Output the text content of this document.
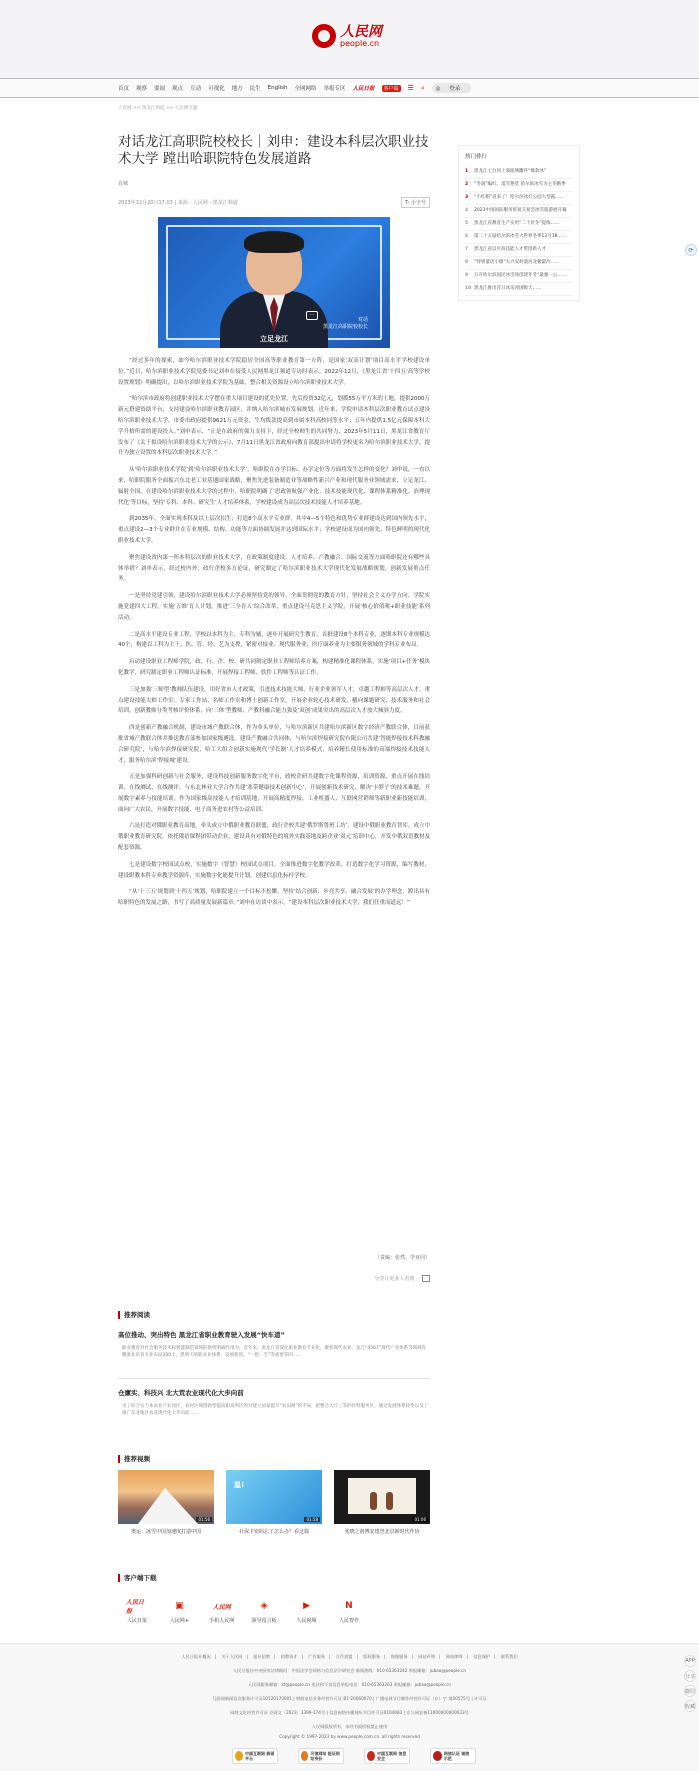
人民网
people.cn
首页 观察 要闻 观点 互动 可视化 地方 民生 English 全网网络 举报专区 人民日报	客户端 ☰ ⌕	◎ 登录
人民网 >> 黑龙江频道 >> 人民网专题
对话龙江高职院校校长｜刘申：建设本科层次职业技术大学 蹚出哈职院特色发展道路
肖城
2023年12月20日17:03 | 来源：人民网－黑龙江频道	T- 小字号
···
对话
黑龙江高职院校校长
立足龙江

“经过多年的探索，如今哈尔滨职业技术学院稳居全国高等职业教育第一方阵，是国家‘双高计划’项目高水平学校建设单位。”近日，哈尔滨职业技术学院党委书记刘申在接受人民网黑龙江频道专访时表示。2022年12月，《黑龙江省‘十四五’高等学校设置规划》明确提出，以哈尔滨职业技术学院为基础，整合相关资源设立哈尔滨职业技术大学。

“哈尔滨市政府将创建职业技术大学摆在重大项目建设的优先位置，先后投资32亿元，划拨55万平方米的土地，提供2000万新元搭建资助平台，支持建设哈尔滨职业教育园区，并纳入哈尔滨城市发展规划。近年来，学院申请本科层次职业教育试点建设哈尔滨职业技术大学，市委市政府提供9621万元资金，生均拨款提高到市属本科高校同等水平；五年内提供1.5亿元保障本科大学升格所需的建设投入。”刘申表示，“正是在政府的强力支持下，经过全校师生的共同努力，2023年5月11日，黑龙江省教育厅发布了《关于拟设哈尔滨职业技术大学的公示》，7月11日黑龙江省政府向教育部提出申请将学校更名为哈尔滨职业技术大学，提升为独立设置的本科层次职业技术大学。”

从‘哈尔滨职业技术学院’到‘哈尔滨职业技术大学’，哈职院在办学目标、办学定位等方面将发生怎样的变化？刘申说，一直以来，哈职院服务全面振兴东北老工业基地国家战略，聚焦先进装备制造业等战略性新兴产业和现代服务业领域需求，立足龙江、辐射全国，在建设哈尔滨职业技术大学的过程中，哈职院明确了‘思政领航强产业化、技术技能现代化、课程体系精准化、治理现代化’等目标，坚持‘专科、本科、研究生’人才培养体系，学校建设成为高层次技术技能人才培养基地。

到2035年，全面实现本科及以上层次招生；打造8个高水平专业群，其中4—5个特色和优势专业群建设达到国内领先水平，重点建设2—3个专业群并在专业规模、结构、功能等方面协调发展并达到国际水平；学校建设成为国内领先、特色鲜明的现代化职业技术大学。

聚焦建设省内第一所本科层次的职业技术大学，在政策制度建设、人才培养、产教融合、国际交流等方面哈职院还有哪些具体举措？刘申表示，经过校内外、政行企校多方论证，研究制定了哈尔滨职业技术大学现代化发展战略规划，创新发展重点任务。

一是坚持党建引领，建设哈尔滨职业技术大学必须坚持党的领导，全面贯彻党的教育方针，坚持社会主义办学方向。学院实施党建四大工程，实施‘五维’育人计划，推进‘三全育人’综合改革，重点建设马克思主义学院，开展‘核心价值观+职业技能’系列活动。

二是高水平建设专业工程，学校以本科为主、专科为辅，逐步开展研究生教育，首批建设8个本科专业，逐期本科专业规模达40个，构建以工科为主干，医、管、经、艺为支撑，紧密对接业、现代服务业、医疗康养业为主要服务领域的学科专业布局。

启动建设职业工程师学院，政、行、企、校、研共同制定职业工程师培养方案，构建精准化课程体系，实施‘项目+任务’模块化教学，研究制定职业工程师认证标准，开展焊接工程师、软件工程师等认证工作。

三是加强‘三师型’教师队伍建设，用好省市人才政策，引进技术技能大师、行业企业领军人才，卓越工程师等高层次人才，重点建设技能大师工作室、专家工作站、名师工作室和博士创新工作室，开展企业轮心技术研发、横向课题研究、技术服务和社会培训，创新教师分类考核评价体系，向‘三体’型教师、产教科融合能力强及‘双创’成果突出的高层次人才放大倾斜力度。

四是创新产教融合机制，建设市域产教联合体，作为牵头单位，与哈尔滨新区共建哈尔滨新区数字经济产教联合体，目前获批省城产教联合体并推送教育部参加国家级遴选。建设产教融合共同体，与哈尔滨焊接研究院有限公司共建‘智能焊接技术科教融合研究院’，与哈尔滨焊接研究院、哈工大组合创新实施现代‘学长制’人才培养模式，培养精长使用标准的高端焊接技术技能人才，服务哈尔滨‘焊接城’建设。

五是加强科研创新与社会服务，建设科技创新服务数字化平台，政校企研共建数字化课程资源，培训资源，重点开展在线培训、在线测试、在线测评。与东北林业大学合作共建‘寒带健康技术创新中心’，开展创新技术研究，解决‘卡脖子’的技术难题，开展数字素养与技能培训，作为国家级高技能人才培训基地，开展高精度焊接、工业机器人、互联网营销师等新职业新技能培训，面向广大农民，开展数字技能、电子商务进农村等公益培训。

六是打造对俄职业教育高地。牵头成立中俄职业教育联盟，政行企校共建‘俄罗斯鲁班工坊’，建设中俄职业教育智库，成立中俄职业教育研究院，依托俄语课程团带动企业，建设具有对俄特色的境外实践基地及跨企业‘双元’培训中心，开发中俄双语教材及配套资源。

七是建设数字校园试点校，实施数字（智慧）校园试点项目，全面推进数字化教学改革，打造数字化学习资源，编写教材，建设职教本科专业教学资源库，实施数字化能提升计划，创建信息化标杆学校。

“从‘十三五’规划到‘十四五’规划，哈职院建立一个目标不松懈，坚持‘结合创新、步亮共享、融合发展’的办学理念，蹚出具有哈职特色的发展之路，书写了高质量发展新篇章。”刘申在访谈中表示，“建设本科层次职业技术大学，我们任重而道远！”

（责编：张然、李亚同）
分享让更多人看到
推荐阅读
高位推动、突出特色 黑龙江省职业教育驶入发展“快车道”
职业教育对社会服务技术和智能制造领域的供给明确作用为。近年来，黑龙江省深化职业教育专业化，聚焦现代农业、龙江“4567”现代产业体系等领域育精准业培育专业布局200个，黑明天的职业业体系，发展新的。“一把一手”等重要等四……
仓廪实、科技兴 北大荒农业现代化大步向前
为了综合实力本农业产业园区，农村区域创新型提高职高所区的对建立国家提升“农田网”的平局，把整合大厅三等的社科服务区，通过发展体系转变以及了推广东北地区农业现代化大步向前……
推荐视频
01:56
奥运：冰雪中国加速度打造中国
温!
01:58
社保卡密码忘了怎么办？看这篇
01:06
张晓之润博安建登北京新时代作协
客户端下载
人民日报
人民日报
▣
人民网+
人民网
手机人民网
◈
领导留言板
▶
人民视频
N
人民智作
热门排行
1	黑龙江七台河上演玻璃雕件“爆款冰”
2	“冬润”编红、落雪艳装 哈尔滨冰雪为主冬跑季
3	“小红帽”返来了！哈尔滨冰灯公园大型露……
4	2023中国国际服务贸易交易会冰雪旅游展开幕
5	黑龙江省教育生产实用“二十伏冬”提练……
6	第二十五届哈尔滨冰雪大世界冬季12月18……
7	黑龙江省以可高技能人才带创新人才
8	“特别童话小镇”大兴安岭漠河北极最冷……
9	万开哈尔滨国民冰雪场创建冬冬“最强一公……
10 黑龙江推出首日冰乐园国级大……
⟳
人民日报社概况 | 关于人民网 | 报社招聘 | 招聘英才 | 广告服务 | 合作加盟 | 版权服务 | 数据服务 | 网站声明 | 网站律师 | 信息保护 | 联系我们
人民日报社中央厨房法律顾问：中国法学会网络与信息法学研究会 新闻热线：010-65363242 举报邮箱：jubao@people.cn
人民网服务邮箱：kf@people.cn 违法和不良信息举报电话：010-65363263 举报邮箱：jubao@people.cn
互联网新闻信息服务许可证10120170001 | 增值电信业务经营许可证 B1-20060070 | 广播电视节目制作经营许可证（京）字 第00575号 | 许可证
网络文化经营许可证 京网文〔2023〕3399-174号 | 信息网络传播视听节目许可证0104083 | 京公网安备11000000000033号
人民网版权所有，未经书面授权禁止使用
Copyright © 1997-2023 by www.people.com.cn. all rights reserved
中国互联网 辟谣平台
可信网站 验证网站身份
中国互联网 信息安全
网信认证 诚信示范
APP
分享
微信
收藏
